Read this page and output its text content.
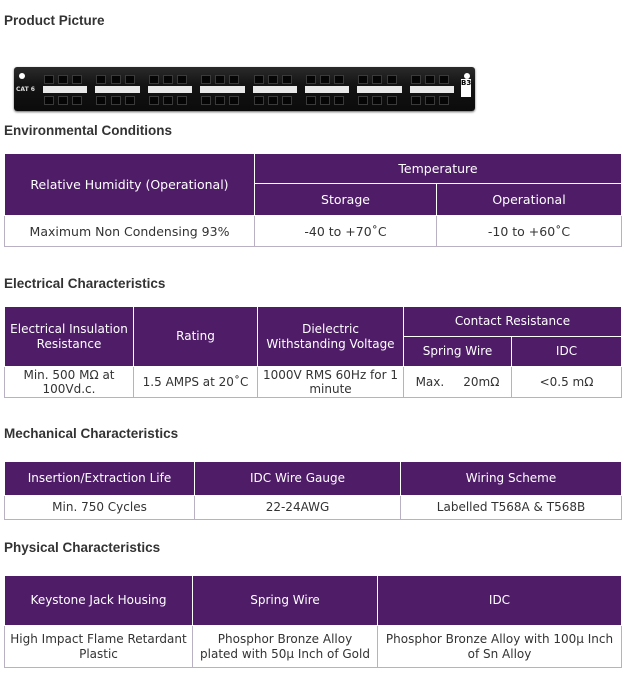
Product Picture
CAT 6
B3
Environmental Conditions
Relative Humidity (Operational)	Temperature	
	Storage	Operational
Maximum Non Condensing 93%	-40 to +70˚C	-10 to +60˚C
Electrical Characteristics
Electrical Insulation Resistance	Rating	Dielectric Withstanding Voltage	Contact Resistance	
			Spring Wire	IDC
Min. 500 MΩ at 100Vd.c.	1.5 AMPS at 20˚C	1000V RMS 60Hz for 1 minute	Max.     20mΩ	<0.5 mΩ
Mechanical Characteristics
Insertion/Extraction Life	IDC Wire Gauge	Wiring Scheme
Min. 750 Cycles	22-24AWG	Labelled T568A & T568B
Physical Characteristics
Keystone Jack Housing	Spring Wire	IDC
High Impact Flame Retardant Plastic	Phosphor Bronze Alloy plated with 50μ Inch of Gold	Phosphor Bronze Alloy with 100μ Inch of Sn Alloy
